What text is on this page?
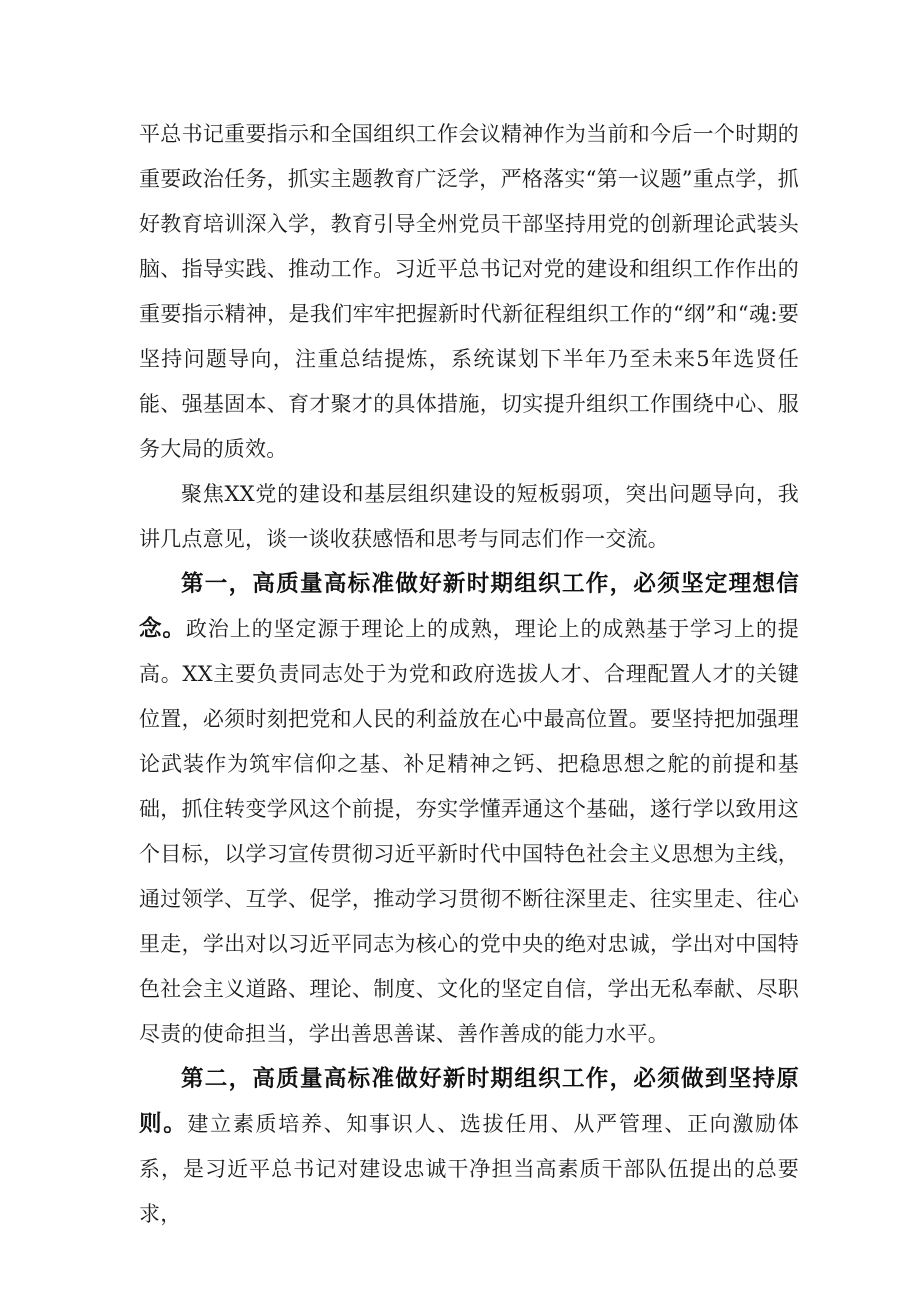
平总书记重要指示和全国组织工作会议精神作为当前和今后一个时期的重要政治任务，抓实主题教育广泛学，严格落实“第一议题”重点学，抓好教育培训深入学，教育引导全州党员干部坚持用党的创新理论武装头脑、指导实践、推动工作。习近平总书记对党的建设和组织工作作出的重要指示精神，是我们牢牢把握新时代新征程组织工作的“纲”和“魂:要坚持问题导向，注重总结提炼，系统谋划下半年乃至未来5年选贤任能、强基固本、育才聚才的具体措施，切实提升组织工作围绕中心、服务大局的质效。

聚焦XX党的建设和基层组织建设的短板弱项，突出问题导向，我讲几点意见，谈一谈收获感悟和思考与同志们作一交流。

第一，高质量高标准做好新时期组织工作，必须坚定理想信念。政治上的坚定源于理论上的成熟，理论上的成熟基于学习上的提高。XX主要负责同志处于为党和政府选拔人才、合理配置人才的关键位置，必须时刻把党和人民的利益放在心中最高位置。要坚持把加强理论武装作为筑牢信仰之基、补足精神之钙、把稳思想之舵的前提和基础，抓住转变学风这个前提，夯实学懂弄通这个基础，遂行学以致用这个目标，以学习宣传贯彻习近平新时代中国特色社会主义思想为主线，通过领学、互学、促学，推动学习贯彻不断往深里走、往实里走、往心里走，学出对以习近平同志为核心的党中央的绝对忠诚，学出对中国特色社会主义道路、理论、制度、文化的坚定自信，学出无私奉献、尽职尽责的使命担当，学出善思善谋、善作善成的能力水平。

第二，高质量高标准做好新时期组织工作，必须做到坚持原则。建立素质培养、知事识人、选拔任用、从严管理、正向激励体系，是习近平总书记对建设忠诚干净担当高素质干部队伍提出的总要求，
